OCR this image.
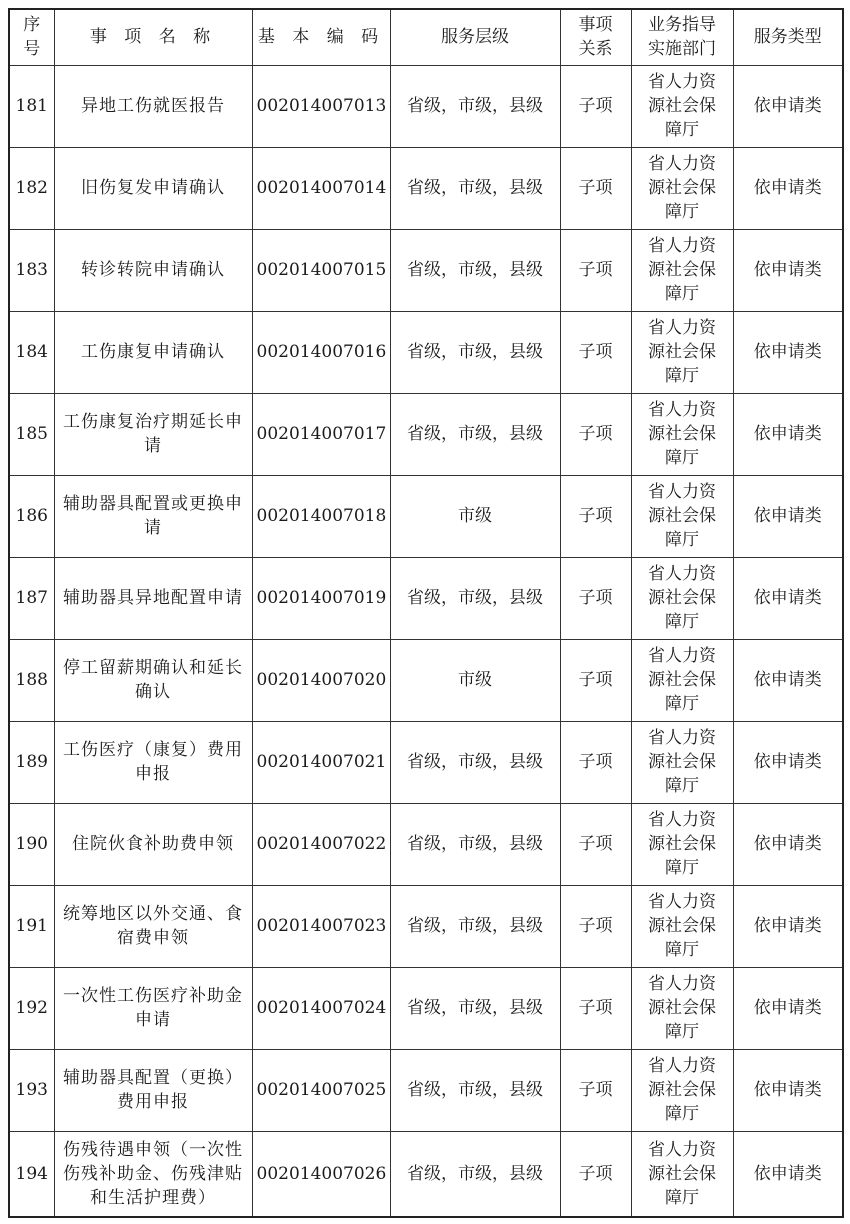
序号	事 项 名 称	基 本 编 码	服务层级	事项关系	业务指导实施部门	服务类型
181	异地工伤就医报告	002014007013	省级，市级，县级	子项	省人力资源社会保障厅	依申请类
182	旧伤复发申请确认	002014007014	省级，市级，县级	子项	省人力资源社会保障厅	依申请类
183	转诊转院申请确认	002014007015	省级，市级，县级	子项	省人力资源社会保障厅	依申请类
184	工伤康复申请确认	002014007016	省级，市级，县级	子项	省人力资源社会保障厅	依申请类
185	工伤康复治疗期延长申请	002014007017	省级，市级，县级	子项	省人力资源社会保障厅	依申请类
186	辅助器具配置或更换申请	002014007018	市级	子项	省人力资源社会保障厅	依申请类
187	辅助器具异地配置申请	002014007019	省级，市级，县级	子项	省人力资源社会保障厅	依申请类
188	停工留薪期确认和延长确认	002014007020	市级	子项	省人力资源社会保障厅	依申请类
189	工伤医疗（康复）费用申报	002014007021	省级，市级，县级	子项	省人力资源社会保障厅	依申请类
190	住院伙食补助费申领	002014007022	省级，市级，县级	子项	省人力资源社会保障厅	依申请类
191	统筹地区以外交通、食宿费申领	002014007023	省级，市级，县级	子项	省人力资源社会保障厅	依申请类
192	一次性工伤医疗补助金申请	002014007024	省级，市级，县级	子项	省人力资源社会保障厅	依申请类
193	辅助器具配置（更换）费用申报	002014007025	省级，市级，县级	子项	省人力资源社会保障厅	依申请类
194	伤残待遇申领（一次性伤残补助金、伤残津贴和生活护理费）	002014007026	省级，市级，县级	子项	省人力资源社会保障厅	依申请类
